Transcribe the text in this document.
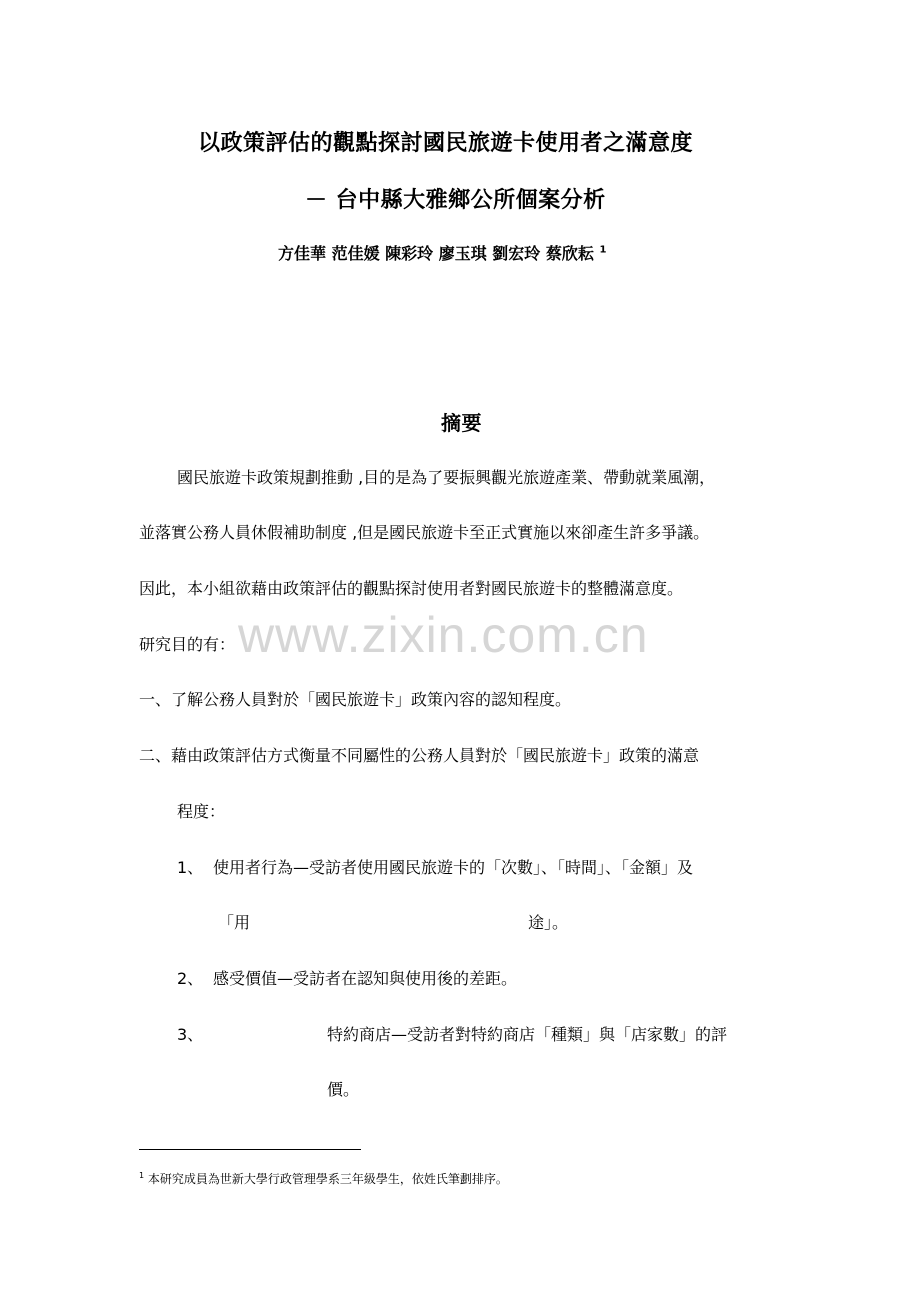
www.zixin.com.cn
以政策評估的觀點探討國民旅遊卡使用者之滿意度
－ 台中縣大雅鄉公所個案分析
方佳華 范佳媛 陳彩玲 廖玉琪 劉宏玲 蔡欣耘 $^1$
摘要
國民旅遊卡政策規劃推動 ,目的是為了要振興觀光旅遊產業、帶動就業風潮，
並落實公務人員休假補助制度 ,但是國民旅遊卡至正式實施以來卻產生許多爭議。
因此，本小組欲藉由政策評估的觀點探討使用者對國民旅遊卡的整體滿意度。
研究目的有：
一、了解公務人員對於「國民旅遊卡」政策內容的認知程度。
二、藉由政策評估方式衡量不同屬性的公務人員對於「國民旅遊卡」政策的滿意
程度：
1、 使用者行為—受訪者使用國民旅遊卡的「次數」、「時間」、「金額」及
「用	途」。
2、 感受價值—受訪者在認知與使用後的差距。
3、	特約商店—受訪者對特約商店「種類」與「店家數」的評
價。
$^1$ 本研究成員為世新大學行政管理學系三年級學生，依姓氏筆劃排序。
